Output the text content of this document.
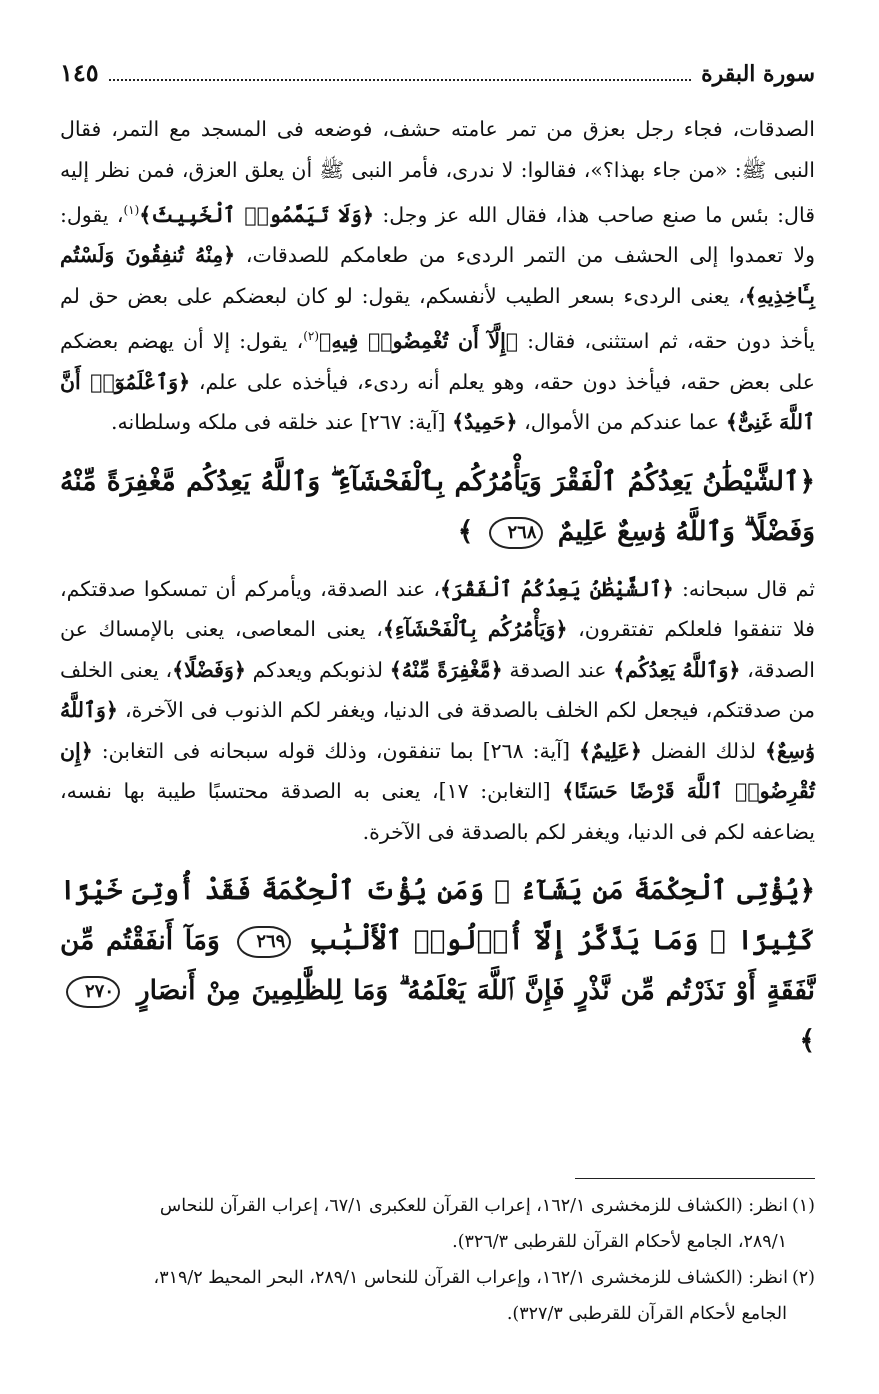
سورة البقرة
١٤٥

الصدقات، فجاء رجل بعزق من تمر عامته حشف، فوضعه فى المسجد مع التمر، فقال النبى ﷺ: «من جاء بهذا؟»، فقالوا: لا ندرى، فأمر النبى ﷺ أن يعلق العزق، فمن نظر إليه قال: بئس ما صنع صاحب هذا، فقال الله عز وجل: ﴿وَلَا تَيَمَّمُوا۟ ٱلْخَبِيثَ﴾$^{(١)}$، يقول: ولا تعمدوا إلى الحشف من التمر الردىء من طعامكم للصدقات، ﴿مِنْهُ تُنفِقُونَ وَلَسْتُم بِـَٔاخِذِيهِ﴾، يعنى الردىء بسعر الطيب لأنفسكم، يقول: لو كان لبعضكم على بعض حق لم يأخذ دون حقه، ثم استثنى، فقال: ﴿إِلَّآ أَن تُغْمِضُوا۟ فِيهِ﴾$^{(٢)}$، يقول: إلا أن يهضم بعضكم على بعض حقه، فيأخذ دون حقه، وهو يعلم أنه ردىء، فيأخذه على علم، ﴿وَٱعْلَمُوٓا۟ أَنَّ ٱللَّهَ غَنِىٌّ﴾ عما عندكم من الأموال، ﴿حَمِيدٌ﴾ [آية: ٢٦٧] عند خلقه فى ملكه وسلطانه.

﴿ٱلشَّيْطَٰنُ يَعِدُكُمُ ٱلْفَقْرَ وَيَأْمُرُكُم بِٱلْفَحْشَآءِ ۖ وَٱللَّهُ يَعِدُكُم مَّغْفِرَةً مِّنْهُ وَفَضْلًا ۗ وَٱللَّهُ وَٰسِعٌ عَلِيمٌ ٢٦٨ ﴾

ثم قال سبحانه: ﴿ٱلشَّيْطَٰنُ يَعِدُكُمُ ٱلْفَقْرَ﴾، عند الصدقة، ويأمركم أن تمسكوا صدقتكم، فلا تنفقوا فلعلكم تفتقرون، ﴿وَيَأْمُرُكُم بِٱلْفَحْشَآءِ﴾، يعنى المعاصى، يعنى بالإمساك عن الصدقة، ﴿وَٱللَّهُ يَعِدُكُم﴾ عند الصدقة ﴿مَّغْفِرَةً مِّنْهُ﴾ لذنوبكم ويعدكم ﴿وَفَضْلًا﴾، يعنى الخلف من صدقتكم، فيجعل لكم الخلف بالصدقة فى الدنيا، ويغفر لكم الذنوب فى الآخرة، ﴿وَٱللَّهُ وَٰسِعٌ﴾ لذلك الفضل ﴿عَلِيمٌ﴾ [آية: ٢٦٨] بما تنفقون، وذلك قوله سبحانه فى التغابن: ﴿إِن تُقْرِضُوا۟ ٱللَّهَ قَرْضًا حَسَنًا﴾ [التغابن: ١٧]، يعنى به الصدقة محتسبًا طيبة بها نفسه، يضاعفه لكم فى الدنيا، ويغفر لكم بالصدقة فى الآخرة.

﴿يُؤْتِى ٱلْحِكْمَةَ مَن يَشَآءُ ۚ وَمَن يُؤْتَ ٱلْحِكْمَةَ فَقَدْ أُوتِىَ خَيْرًا كَثِيرًا ۗ وَمَا يَذَّكَّرُ إِلَّآ أُو۟لُوا۟ ٱلْأَلْبَٰبِ ٢٦٩ وَمَآ أَنفَقْتُم مِّن نَّفَقَةٍ أَوْ نَذَرْتُم مِّن نَّذْرٍ فَإِنَّ ٱللَّهَ يَعْلَمُهُ ۗ وَمَا لِلظَّٰلِمِينَ مِنْ أَنصَارٍ ٢٧٠ ﴾

(١)انظر: (الكشاف للزمخشرى ١٦٢/١، إعراب القرآن للعكبرى ٦٧/١، إعراب القرآن للنحاس
٢٨٩/١، الجامع لأحكام القرآن للقرطبى ٣٢٦/٣).

(٢)انظر: (الكشاف للزمخشرى ١٦٢/١، وإعراب القرآن للنحاس ٢٨٩/١، البحر المحيط ٣١٩/٢،
الجامع لأحكام القرآن للقرطبى ٣٢٧/٣).
